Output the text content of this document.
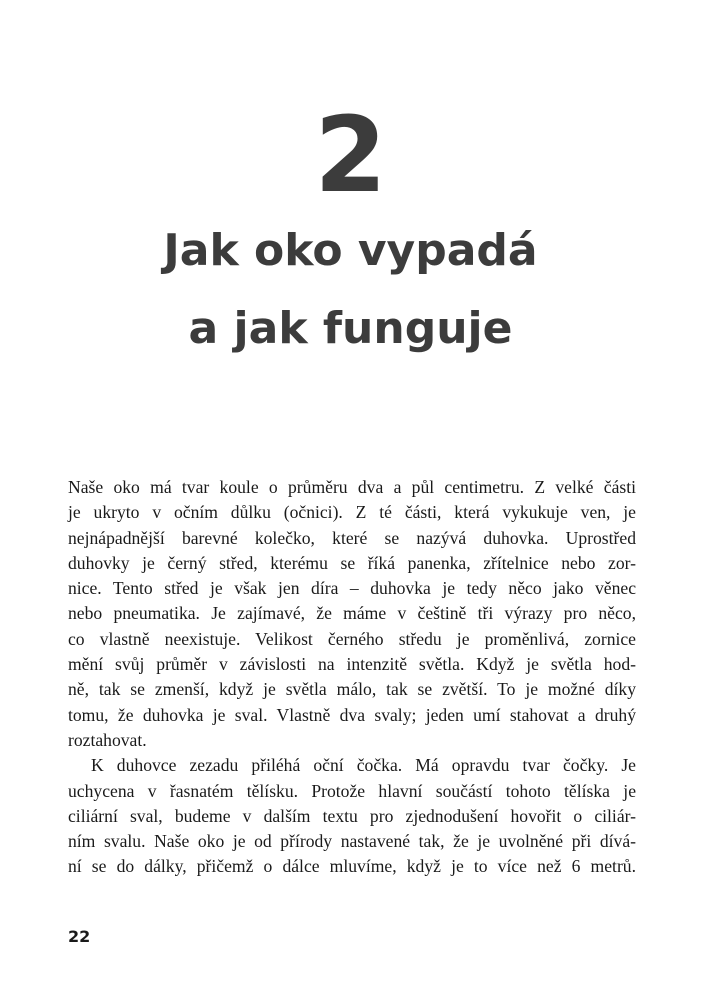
2
Jak oko vypadá
a jak funguje
Naše oko má tvar koule o průměru dva a půl centimetru. Z velké části
je ukryto v očním důlku (očnici). Z té části, která vykukuje ven, je
nejnápadnější barevné kolečko, které se nazývá duhovka. Uprostřed
duhovky je černý střed, kterému se říká panenka, zřítelnice nebo zor-
nice. Tento střed je však jen díra – duhovka je tedy něco jako věnec
nebo pneumatika. Je zajímavé, že máme v češtině tři výrazy pro něco,
co vlastně neexistuje. Velikost černého středu je proměnlivá, zornice
mění svůj průměr v závislosti na intenzitě světla. Když je světla hod-
ně, tak se zmenší, když je světla málo, tak se zvětší. To je možné díky
tomu, že duhovka je sval. Vlastně dva svaly; jeden umí stahovat a druhý
roztahovat.
K duhovce zezadu přiléhá oční čočka. Má opravdu tvar čočky. Je
uchycena v řasnatém tělísku. Protože hlavní součástí tohoto tělíska je
ciliární sval, budeme v dalším textu pro zjednodušení hovořit o ciliár-
ním svalu. Naše oko je od přírody nastavené tak, že je uvolněné při dívá-
ní se do dálky, přičemž o dálce mluvíme, když je to více než 6 metrů.
22
